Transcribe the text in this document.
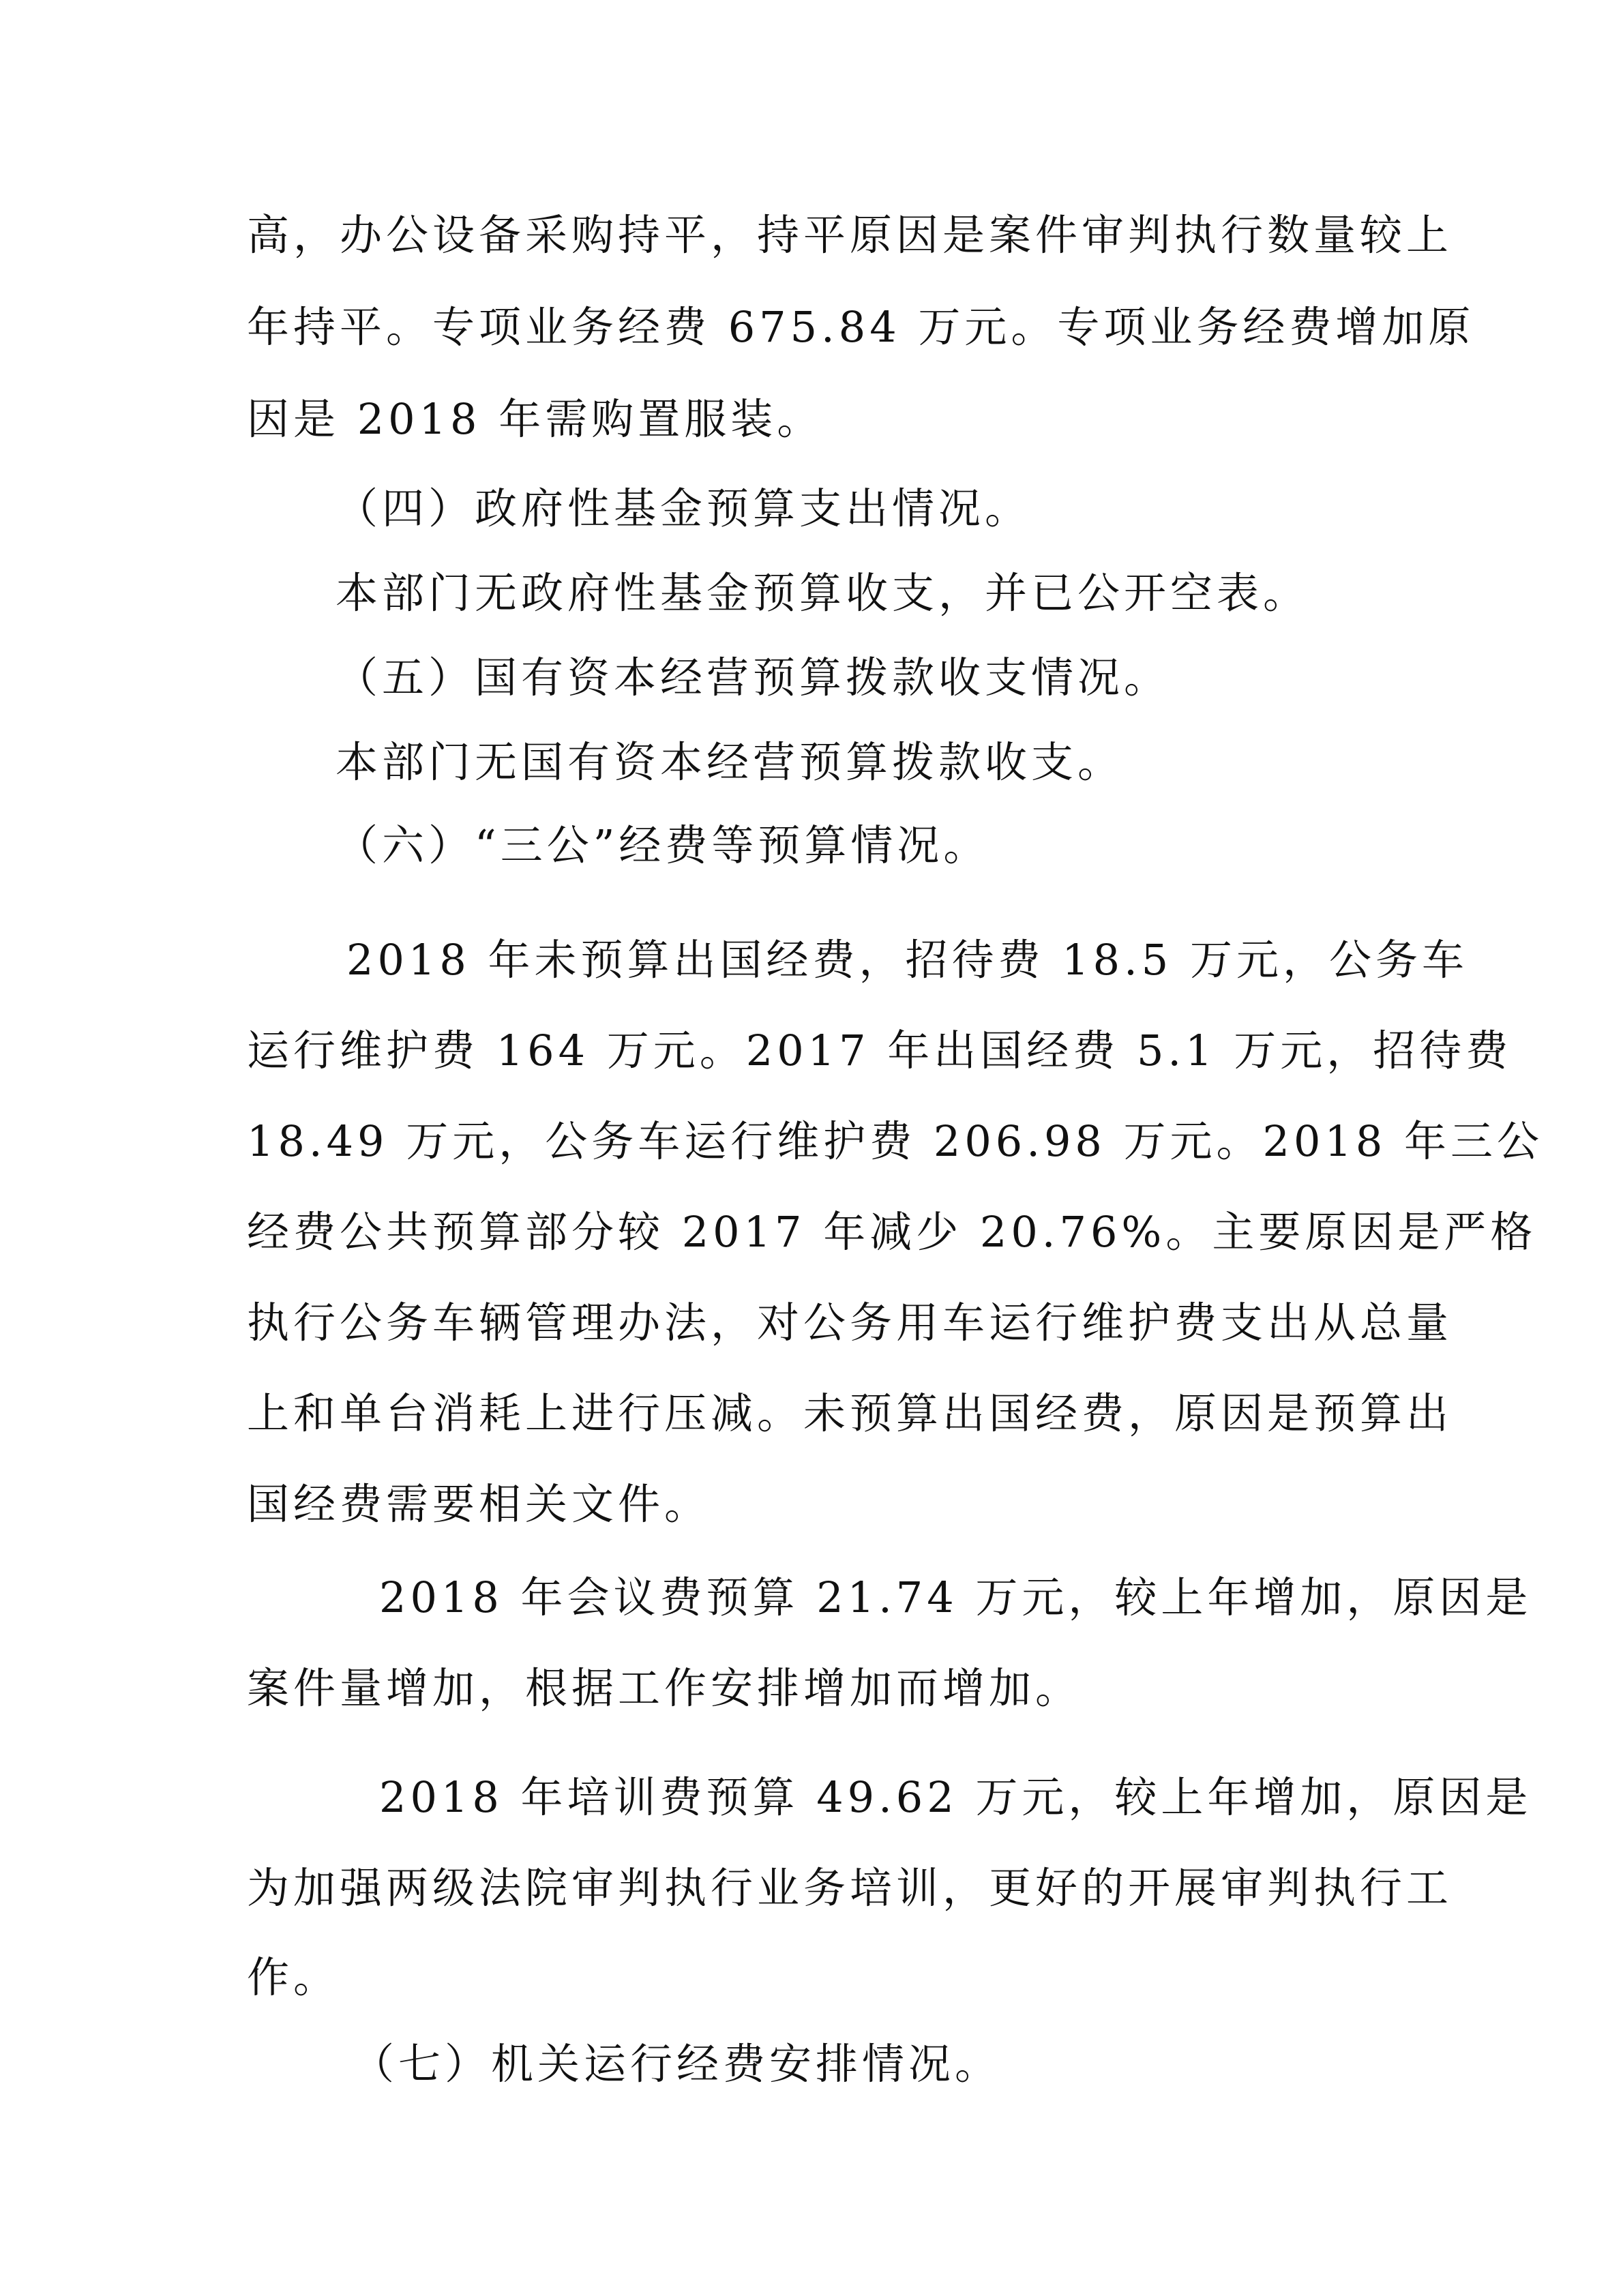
高，办公设备采购持平，持平原因是案件审判执行数量较上
年持平。专项业务经费 675.84 万元。专项业务经费增加原
因是 2018 年需购置服装。
（四）政府性基金预算支出情况。
本部门无政府性基金预算收支，并已公开空表。
（五）国有资本经营预算拨款收支情况。
本部门无国有资本经营预算拨款收支。
（六）“三公”经费等预算情况。
2018 年未预算出国经费，招待费 18.5 万元，公务车
运行维护费 164 万元。2017 年出国经费 5.1 万元，招待费
18.49 万元，公务车运行维护费 206.98 万元。2018 年三公
经费公共预算部分较 2017 年减少 20.76%。主要原因是严格
执行公务车辆管理办法，对公务用车运行维护费支出从总量
上和单台消耗上进行压减。未预算出国经费，原因是预算出
国经费需要相关文件。
2018 年会议费预算 21.74 万元，较上年增加，原因是
案件量增加，根据工作安排增加而增加。
2018 年培训费预算 49.62 万元，较上年增加，原因是
为加强两级法院审判执行业务培训，更好的开展审判执行工
作。
（七）机关运行经费安排情况。
